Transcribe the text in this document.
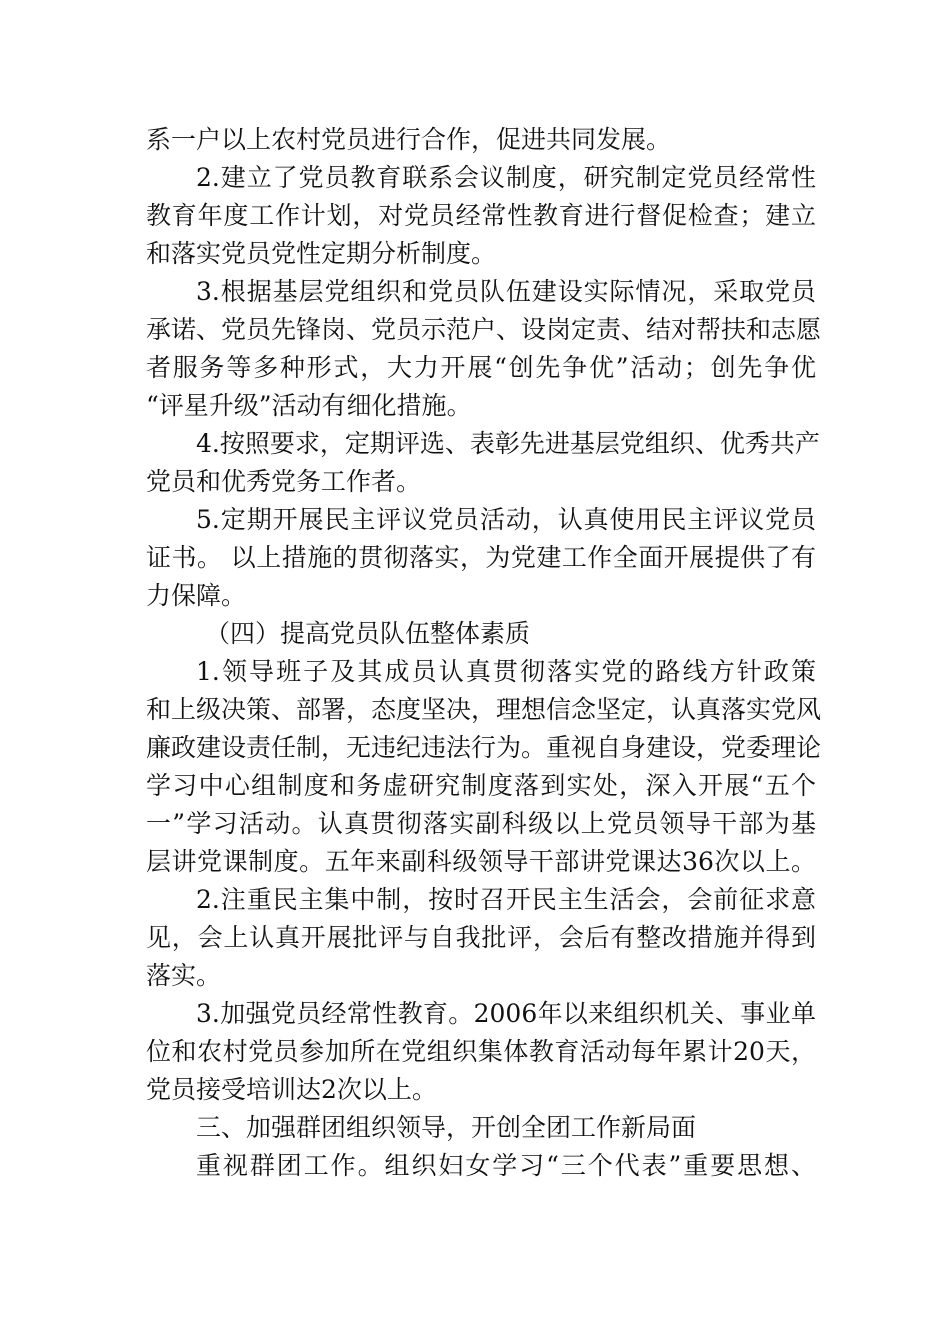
系一户以上农村党员进行合作，促进共同发展。
2.建立了党员教育联系会议制度，研究制定党员经常性
教育年度工作计划，对党员经常性教育进行督促检查；建立
和落实党员党性定期分析制度。
3.根据基层党组织和党员队伍建设实际情况，采取党员
承诺、党员先锋岗、党员示范户、设岗定责、结对帮扶和志愿
者服务等多种形式，大力开展“创先争优”活动；创先争优
“评星升级”活动有细化措施。
4.按照要求，定期评选、表彰先进基层党组织、优秀共产
党员和优秀党务工作者。
5.定期开展民主评议党员活动，认真使用民主评议党员
证书。 以上措施的贯彻落实，为党建工作全面开展提供了有
力保障。
（四）提高党员队伍整体素质
1.领导班子及其成员认真贯彻落实党的路线方针政策
和上级决策、部署，态度坚决，理想信念坚定，认真落实党风
廉政建设责任制，无违纪违法行为。重视自身建设，党委理论
学习中心组制度和务虚研究制度落到实处，深入开展“五个
一”学习活动。认真贯彻落实副科级以上党员领导干部为基
层讲党课制度。五年来副科级领导干部讲党课达36次以上。
2.注重民主集中制，按时召开民主生活会，会前征求意
见，会上认真开展批评与自我批评，会后有整改措施并得到
落实。
3.加强党员经常性教育。2006年以来组织机关、事业单
位和农村党员参加所在党组织集体教育活动每年累计20天，
党员接受培训达2次以上。
三、加强群团组织领导，开创全团工作新局面
重视群团工作。组织妇女学习“三个代表”重要思想、
